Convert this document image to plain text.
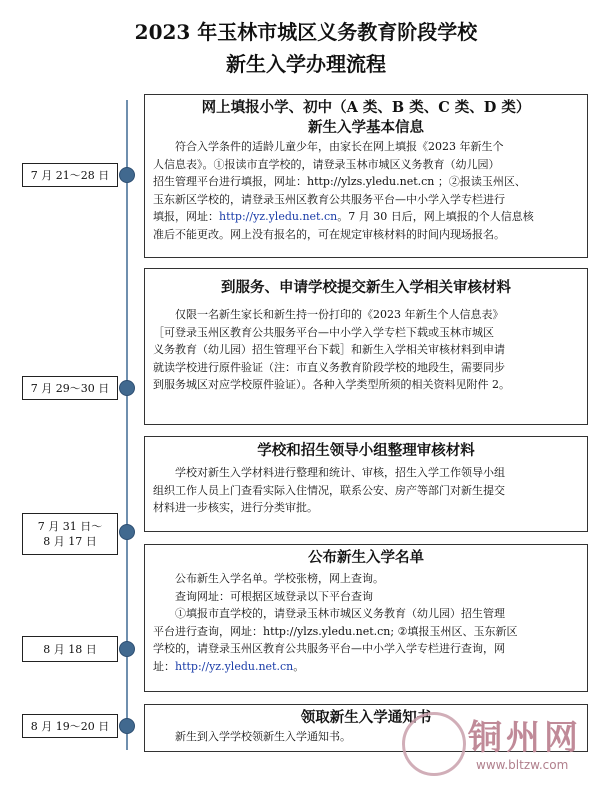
2023 年玉林市城区义务教育阶段学校
新生入学办理流程
7 月 21～28 日

网上填报小学、初中（A 类、B 类、C 类、D 类）

新生入学基本信息

符合入学条件的适龄儿童少年，由家长在网上填报《2023 年新生个

人信息表》。①报读市直学校的，请登录玉林市城区义务教育（幼儿园）

招生管理平台进行填报，网址：http://ylzs.yledu.net.cn ；②报读玉州区、

玉东新区学校的，请登录玉州区教育公共服务平台—中小学入学专栏进行

填报，网址：http://yz.yledu.net.cn。7 月 30 日后，网上填报的个人信息核

准后不能更改。网上没有报名的，可在规定审核材料的时间内现场报名。

7 月 29～30 日

到服务、申请学校提交新生入学相关审核材料

仅限一名新生家长和新生持一份打印的《2023 年新生个人信息表》

［可登录玉州区教育公共服务平台—中小学入学专栏下载或玉林市城区

义务教育（幼儿园）招生管理平台下载］和新生入学相关审核材料到申请

就读学校进行原件验证（注：市直义务教育阶段学校的地段生，需要同步

到服务城区对应学校原件验证）。各种入学类型所须的相关资料见附件 2。

7 月 31 日～
8 月 17 日

学校和招生领导小组整理审核材料

学校对新生入学材料进行整理和统计、审核，招生入学工作领导小组

组织工作人员上门查看实际入住情况，联系公安、房产等部门对新生提交

材料进一步核实，进行分类审批。

8 月 18 日

公布新生入学名单

公布新生入学名单。学校张榜，网上查询。

查询网址：可根据区域登录以下平台查询

①填报市直学校的，请登录玉林市城区义务教育（幼儿园）招生管理

平台进行查询，网址：http://ylzs.yledu.net.cn; ②填报玉州区、玉东新区

学校的，请登录玉州区教育公共服务平台—中小学入学专栏进行查询，网

址：http://yz.yledu.net.cn。

8 月 19～20 日	领取新生入学通知书

新生到入学学校领新生入学通知书。	铜州网
www.bltzw.com
